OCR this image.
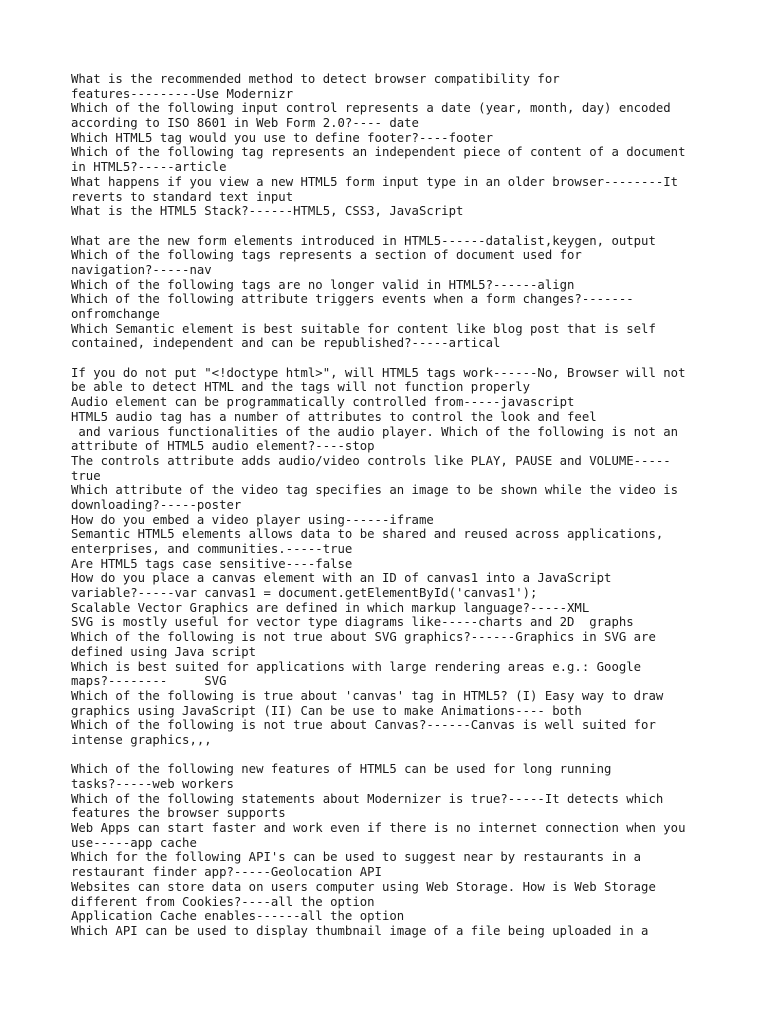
What is the recommended method to detect browser compatibility for
features---------Use Modernizr
Which of the following input control represents a date (year, month, day) encoded
according to ISO 8601 in Web Form 2.0?---- date
Which HTML5 tag would you use to define footer?----footer
Which of the following tag represents an independent piece of content of a document
in HTML5?-----article
What happens if you view a new HTML5 form input type in an older browser--------It
reverts to standard text input
What is the HTML5 Stack?------HTML5, CSS3, JavaScript
What are the new form elements introduced in HTML5------datalist,keygen, output
Which of the following tags represents a section of document used for
navigation?-----nav
Which of the following tags are no longer valid in HTML5?------align
Which of the following attribute triggers events when a form changes?-------
onfromchange
Which Semantic element is best suitable for content like blog post that is self
contained, independent and can be republished?-----artical
If you do not put "<!doctype html>", will HTML5 tags work------No, Browser will not
be able to detect HTML and the tags will not function properly
Audio element can be programmatically controlled from-----javascript
HTML5 audio tag has a number of attributes to control the look and feel
and various functionalities of the audio player. Which of the following is not an
attribute of HTML5 audio element?----stop
The controls attribute adds audio/video controls like PLAY, PAUSE and VOLUME-----
true
Which attribute of the video tag specifies an image to be shown while the video is
downloading?-----poster
How do you embed a video player using------iframe
Semantic HTML5 elements allows data to be shared and reused across applications,
enterprises, and communities.-----true
Are HTML5 tags case sensitive----false
How do you place a canvas element with an ID of canvas1 into a JavaScript
variable?-----var canvas1 = document.getElementById('canvas1');
Scalable Vector Graphics are defined in which markup language?-----XML
SVG is mostly useful for vector type diagrams like-----charts and 2D  graphs
Which of the following is not true about SVG graphics?------Graphics in SVG are
defined using Java script
Which is best suited for applications with large rendering areas e.g.: Google
maps?--------     SVG
Which of the following is true about 'canvas' tag in HTML5? (I) Easy way to draw
graphics using JavaScript (II) Can be use to make Animations---- both
Which of the following is not true about Canvas?------Canvas is well suited for
intense graphics,,,
Which of the following new features of HTML5 can be used for long running
tasks?-----web workers
Which of the following statements about Modernizer is true?-----It detects which
features the browser supports
Web Apps can start faster and work even if there is no internet connection when you
use-----app cache
Which for the following API's can be used to suggest near by restaurants in a
restaurant finder app?-----Geolocation API
Websites can store data on users computer using Web Storage. How is Web Storage
different from Cookies?----all the option
Application Cache enables------all the option
Which API can be used to display thumbnail image of a file being uploaded in a
